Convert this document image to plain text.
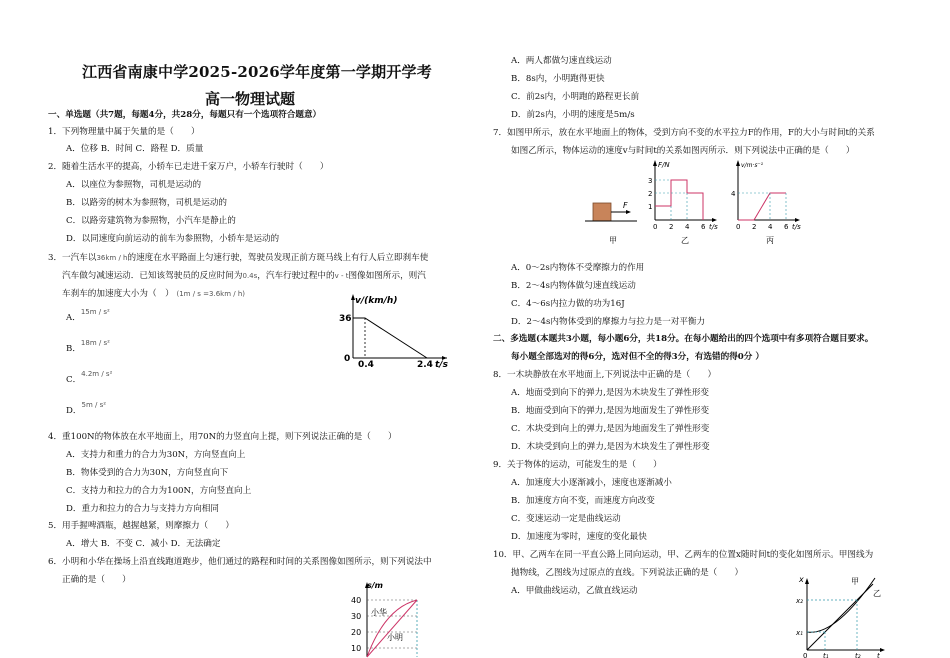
江西省南康中学2025-2026学年度第一学期开学考
高一物理试题
一、单选题（共7题，每题4分，共28分，每题只有一个选项符合题意）
1．下列物理量中属于矢量的是（　　）
A．位移 B．时间 C．路程 D．质量
2．随着生活水平的提高，小轿车已走进千家万户，小轿车行驶时（　　）
A．以座位为参照物，司机是运动的
B．以路旁的树木为参照物，司机是运动的
C．以路旁建筑物为参照物，小汽车是静止的
D．以同速度向前运动的前车为参照物，小轿车是运动的
3．一汽车以36km / h的速度在水平路面上匀速行驶，驾驶员发现正前方斑马线上有行人后立即刹车使
汽车做匀减速运动．已知该驾驶员的反应时间为0.4s，汽车行驶过程中的v - t图像如图所示，则汽
车刹车的加速度大小为（　） (1m / s =3.6km / h)
A．$^{15m / s^2}$
B．$^{18m / s^2}$
C．$^{4.2m / s^2}$
D．$^{5m / s^2}$
v/(km/h)
36
0
0.4	2.4 t/s
4．重100N的物体放在水平地面上，用70N的力竖直向上提，则下列说法正确的是（　　）
A．支持力和重力的合力为30N，方向竖直向上
B．物体受到的合力为30N，方向竖直向下
C．支持力和拉力的合力为100N，方向竖直向上
D．重力和拉力的合力与支持力方向相同
5．用手握啤酒瓶，越握越紧，则摩擦力（　　）
A．增大 B．不变 C．减小 D．无法确定
6．小明和小华在操场上沿直线跑道跑步，他们通过的路程和时间的关系图像如图所示，则下列说法中
正确的是（　　）
s/m
40
30
20
10
小华
小明
A．两人都做匀速直线运动
B．8s内，小明跑得更快
C．前2s内，小明跑的路程更长前
D．前2s内，小明的速度是5m/s
7．如图甲所示，放在水平地面上的物体，受到方向不变的水平拉力F的作用，F的大小与时间t的关系
如图乙所示，物体运动的速度v与时间t的关系如图丙所示．则下列说法中正确的是（　　）
F
甲
F/N
3
2
1
0 2 4 6 t/s
乙
v/m·s⁻¹
4
0 2 4 6 t/s
丙
A．0～2s内物体不受摩擦力的作用
B．2～4s内物体做匀速直线运动
C．4～6s内拉力做的功为16J
D．2～4s内物体受到的摩擦力与拉力是一对平衡力
二、多选题(本题共3小题，每小题6分，共18分。在每小题给出的四个选项中有多项符合题目要求。
每小题全部选对的得6分，选对但不全的得3分，有选错的得0分 ）
8．一木块静放在水平地面上,下列说法中正确的是（　　）
A．地面受到向下的弹力,是因为木块发生了弹性形变
B．地面受到向下的弹力,是因为地面发生了弹性形变
C．木块受到向上的弹力,是因为地面发生了弹性形变
D．木块受到向上的弹力,是因为木块发生了弹性形变
9．关于物体的运动，可能发生的是（　　）
A．加速度大小逐渐减小，速度也逐渐减小
B．加速度方向不变，而速度方向改变
C．变速运动一定是曲线运动
D．加速度为零时，速度的变化最快
10．甲、乙两车在同一平直公路上同向运动，甲、乙两车的位置x随时间t的变化如图所示。甲图线为
抛物线，乙图线为过原点的直线。下列说法正确的是（　　）
A．甲做曲线运动，乙做直线运动
x
x₂
x₁
0 t₁	t₂ t
甲
乙
